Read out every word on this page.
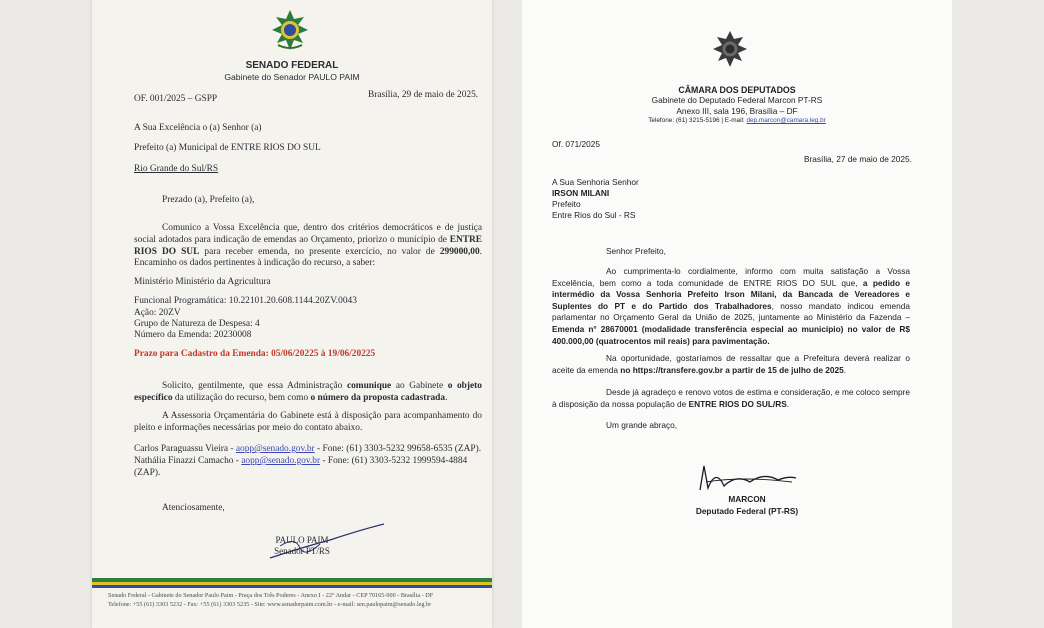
SENADO FEDERAL
Gabinete do Senador PAULO PAIM
OF. 001/2025 – GSPP	Brasília, 29 de maio de 2025.
A Sua Excelência o (a) Senhor (a)
Prefeito (a) Municipal de ENTRE RIOS DO SUL
Rio Grande do Sul/RS
Prezado (a), Prefeito (a),
Comunico a Vossa Excelência que, dentro dos critérios democráticos e de justiça social adotados para indicação de emendas ao Orçamento, priorizo o município de ENTRE RIOS DO SUL para receber emenda, no presente exercício, no valor de 299000,00. Encaminho os dados pertinentes à indicação do recurso, a saber:
Ministério Ministério da Agricultura
Funcional Programática: 10.22101.20.608.1144.20ZV.0043
Ação: 20ZV
Grupo de Natureza de Despesa: 4
Número da Emenda: 20230008
Prazo para Cadastro da Emenda: 05/06/20225 à 19/06/20225
Solicito, gentilmente, que essa Administração comunique ao Gabinete o objeto específico da utilização do recurso, bem como o número da proposta cadastrada.
A Assessoria Orçamentária do Gabinete está à disposição para acompanhamento do pleito e informações necessárias por meio do contato abaixo.
Carlos Paraguassu Vieira - aopp@senado.gov.br - Fone: (61) 3303-5232 99658-6535 (ZAP).
Nathália Finazzi Camacho - aopp@senado.gov.br - Fone: (61) 3303-5232 1999594-4884 (ZAP).
Atenciosamente,
PAULO PAIM
Senador PT/RS
Senado Federal - Gabinete do Senador Paulo Paim - Praça dos Três Poderes - Anexo I - 22° Andar - CEP 70165-900 - Brasília - DF
Telefone: +55 (61) 3303 5232 - Fax: +55 (61) 3303 5235 - Site: www.senadorpaim.com.br - e-mail: sen.paulopaim@senado.leg.br
CÂMARA DOS DEPUTADOS
Gabinete do Deputado Federal Marcon PT-RS
Anexo III, sala 196, Brasília – DF
Telefone: (61) 3215-5196 | E-mail: dep.marcon@camara.leg.br
Of. 071/2025
Brasília, 27 de maio de 2025.
A Sua Senhoria Senhor
IRSON MILANI
Prefeito
Entre Rios do Sul - RS
Senhor Prefeito,
Ao cumprimenta-lo cordialmente, informo com muita satisfação a Vossa Excelência, bem como a toda comunidade de ENTRE RIOS DO SUL que, a pedido e intermédio da Vossa Senhoria Prefeito Irson Milani, da Bancada de Vereadores e Suplentes do PT e do Partido dos Trabalhadores, nosso mandato indicou emenda parlamentar no Orçamento Geral da União de 2025, juntamente ao Ministério da Fazenda – Emenda n° 28670001 (modalidade transferência especial ao município) no valor de R$ 400.000,00 (quatrocentos mil reais) para pavimentação.
Na oportunidade, gostaríamos de ressaltar que a Prefeitura deverá realizar o aceite da emenda no https://transfere.gov.br a partir de 15 de julho de 2025.
Desde já agradeço e renovo votos de estima e consideração, e me coloco sempre à disposição da nossa população de ENTRE RIOS DO SUL/RS.
Um grande abraço,
MARCON
Deputado Federal (PT-RS)
